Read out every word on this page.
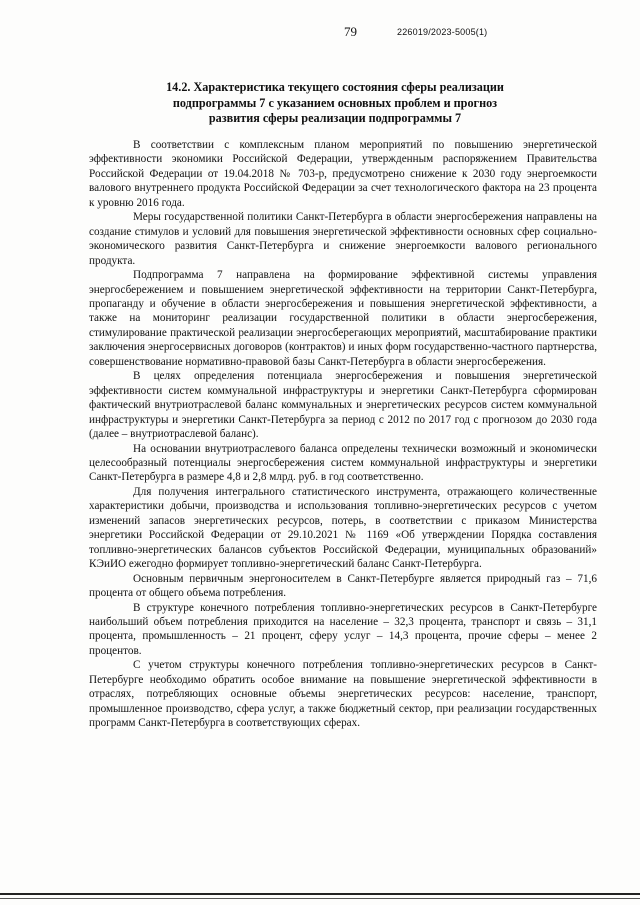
79	226019/2023-5005(1)
14.2. Характеристика текущего состояния сферы реализации подпрограммы 7 с указанием основных проблем и прогноз развития сферы реализации подпрограммы 7

В соответствии с комплексным планом мероприятий по повышению энергетической эффективности экономики Российской Федерации, утвержденным распоряжением Правительства Российской Федерации от 19.04.2018 № 703-р, предусмотрено снижение к 2030 году энергоемкости валового внутреннего продукта Российской Федерации за счет технологического фактора на 23 процента к уровню 2016 года.

Меры государственной политики Санкт-Петербурга в области энергосбережения направлены на создание стимулов и условий для повышения энергетической эффективности основных сфер социально-экономического развития Санкт-Петербурга и снижение энергоемкости валового регионального продукта.

Подпрограмма 7 направлена на формирование эффективной системы управления энергосбережением и повышением энергетической эффективности на территории Санкт-Петербурга, пропаганду и обучение в области энергосбережения и повышения энергетической эффективности, а также на мониторинг реализации государственной политики в области энергосбережения, стимулирование практической реализации энергосберегающих мероприятий, масштабирование практики заключения энергосервисных договоров (контрактов) и иных форм государственно-частного партнерства, совершенствование нормативно-правовой базы Санкт-Петербурга в области энергосбережения.

В целях определения потенциала энергосбережения и повышения энергетической эффективности систем коммунальной инфраструктуры и энергетики Санкт-Петербурга сформирован фактический внутриотраслевой баланс коммунальных и энергетических ресурсов систем коммунальной инфраструктуры и энергетики Санкт-Петербурга за период с 2012 по 2017 год с прогнозом до 2030 года (далее – внутриотраслевой баланс).

На основании внутриотраслевого баланса определены технически возможный и экономически целесообразный потенциалы энергосбережения систем коммунальной инфраструктуры и энергетики Санкт-Петербурга в размере 4,8 и 2,8 млрд. руб. в год соответственно.

Для получения интегрального статистического инструмента, отражающего количественные характеристики добычи, производства и использования топливно-энергетических ресурсов с учетом изменений запасов энергетических ресурсов, потерь, в соответствии с приказом Министерства энергетики Российской Федерации от 29.10.2021 № 1169 «Об утверждении Порядка составления топливно-энергетических балансов субъектов Российской Федерации, муниципальных образований» КЭиИО ежегодно формирует топливно-энергетический баланс Санкт-Петербурга.

Основным первичным энергоносителем в Санкт-Петербурге является природный газ – 71,6 процента от общего объема потребления.

В структуре конечного потребления топливно-энергетических ресурсов в Санкт-Петербурге наибольший объем потребления приходится на население – 32,3 процента, транспорт и связь – 31,1 процента, промышленность – 21 процент, сферу услуг – 14,3 процента, прочие сферы – менее 2 процентов.

С учетом структуры конечного потребления топливно-энергетических ресурсов в Санкт-Петербурге необходимо обратить особое внимание на повышение энергетической эффективности в отраслях, потребляющих основные объемы энергетических ресурсов: население, транспорт, промышленное производство, сфера услуг, а также бюджетный сектор, при реализации государственных программ Санкт-Петербурга в соответствующих сферах.
